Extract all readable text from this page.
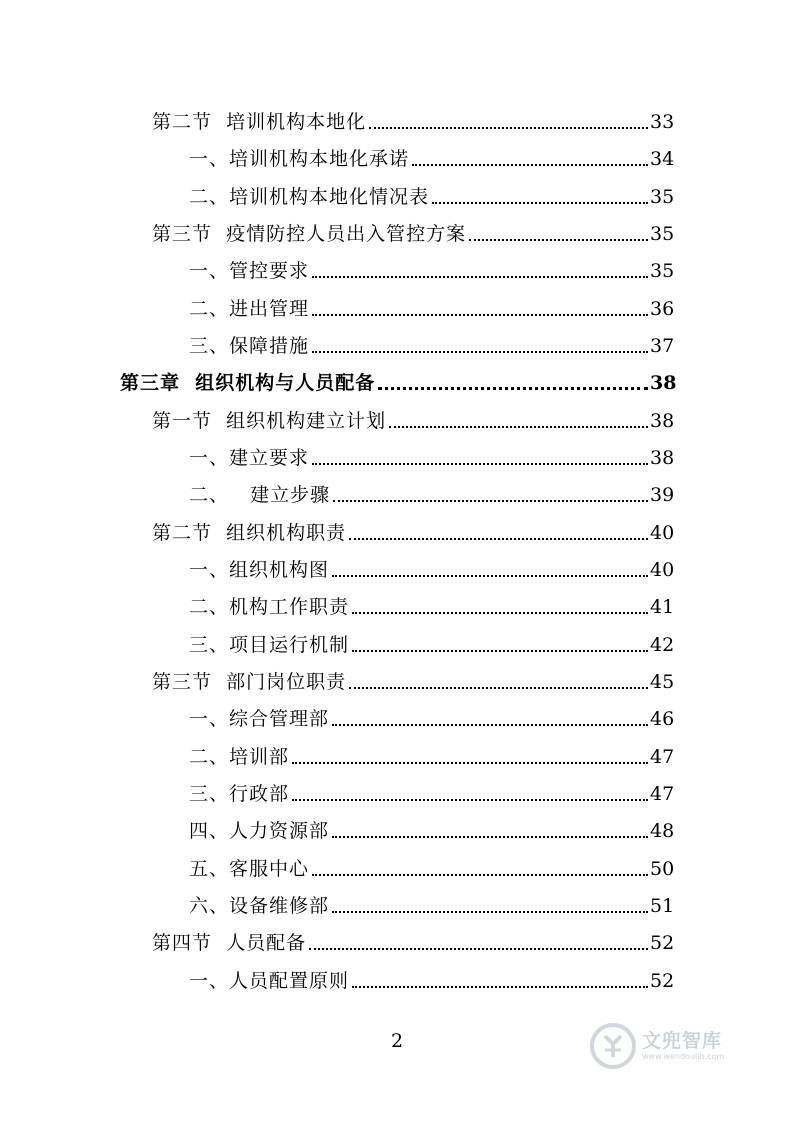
第二节  培训机构本地化	33
一、培训机构本地化承诺	34
二、培训机构本地化情况表	35
第三节  疫情防控人员出入管控方案	35
一、管控要求	35
二、进出管理	36
三、保障措施	37
第三章  组织机构与人员配备	38
第一节  组织机构建立计划	38
一、建立要求	38
二、   建立步骤	39
第二节  组织机构职责	40
一、组织机构图	40
二、机构工作职责	41
三、项目运行机制	42
第三节  部门岗位职责	45
一、综合管理部	46
二、培训部	47
三、行政部	47
四、人力资源部	48
五、客服中心	50
六、设备维修部	51
第四节  人员配备	52
一、人员配置原则	52
2	文兜智库
www.wendoulib.com
